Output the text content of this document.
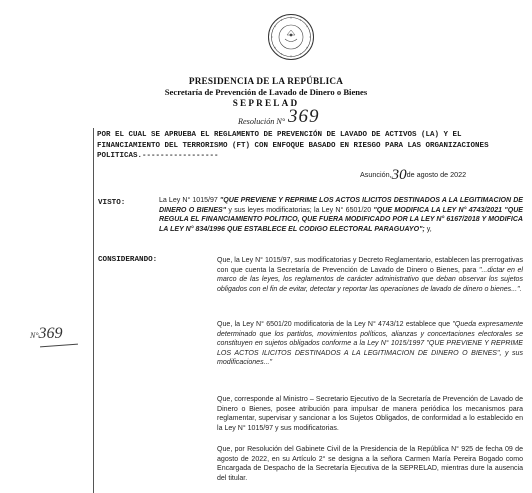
PRESIDENCIA DE LA REPÚBLICA
Secretaría de Prevención de Lavado de Dinero o Bienes
SEPRELAD
Resolución N° 369
POR EL CUAL SE APRUEBA EL REGLAMENTO DE PREVENCIÓN DE LAVADO DE ACTIVOS (LA) Y EL FINANCIAMIENTO DEL TERRORISMO (FT) CON ENFOQUE BASADO EN RIESGO PARA LAS ORGANIZACIONES POLITICAS.-----------------
Asunción,30de agosto de 2022
VISTO:	La Ley N° 1015/97 "QUE PREVIENE Y REPRIME LOS ACTOS ILICITOS DESTINADOS A LA LEGITIMACION DE DINERO O BIENES" y sus leyes modificatorias; la Ley N° 6501/20 "QUE MODIFICA LA LEY N° 4743/2021 "QUE REGULA EL FINANCIAMIENTO POLITICO, QUE FUERA MODIFICADO POR LA LEY N° 6167/2018 Y MODIFICA LA LEY N° 834/1996 QUE ESTABLECE EL CODIGO ELECTORAL PARAGUAYO"; y,
CONSIDERANDO:	Que, la Ley N° 1015/97, sus modificatorias y Decreto Reglamentario, establecen las prerrogativas con que cuenta la Secretaría de Prevención de Lavado de Dinero o Bienes, para "...dictar en el marco de las leyes, los reglamentos de carácter administrativo que deban observar los sujetos obligados con el fin de evitar, detectar y reportar las operaciones de lavado de dinero o bienes...".
Que, la Ley N° 6501/20 modificatoria de la Ley N° 4743/12 establece que "Queda expresamente determinado que los partidos, movimientos políticos, alianzas y concertaciones electorales se constituyen en sujetos obligados conforme a la Ley N° 1015/1997 "QUE PREVIENE Y REPRIME LOS ACTOS ILICITOS DESTINADOS A LA LEGITIMACION DE DINERO O BIENES", y sus modificaciones..."
Que, corresponde al Ministro – Secretario Ejecutivo de la Secretaría de Prevención de Lavado de Dinero o Bienes, posee atribución para impulsar de manera periódica los mecanismos para reglamentar, supervisar y sancionar a los Sujetos Obligados, de conformidad a lo establecido en la Ley N° 1015/97 y sus modificatorias.
Que, por Resolución del Gabinete Civil de la Presidencia de la República N° 925 de fecha 09 de agosto de 2022, en su Artículo 2° se designa a la señora Carmen María Pereira Bogado como Encargada de Despacho de la Secretaría Ejecutiva de la SEPRELAD, mientras dure la ausencia del titular.
N°369
